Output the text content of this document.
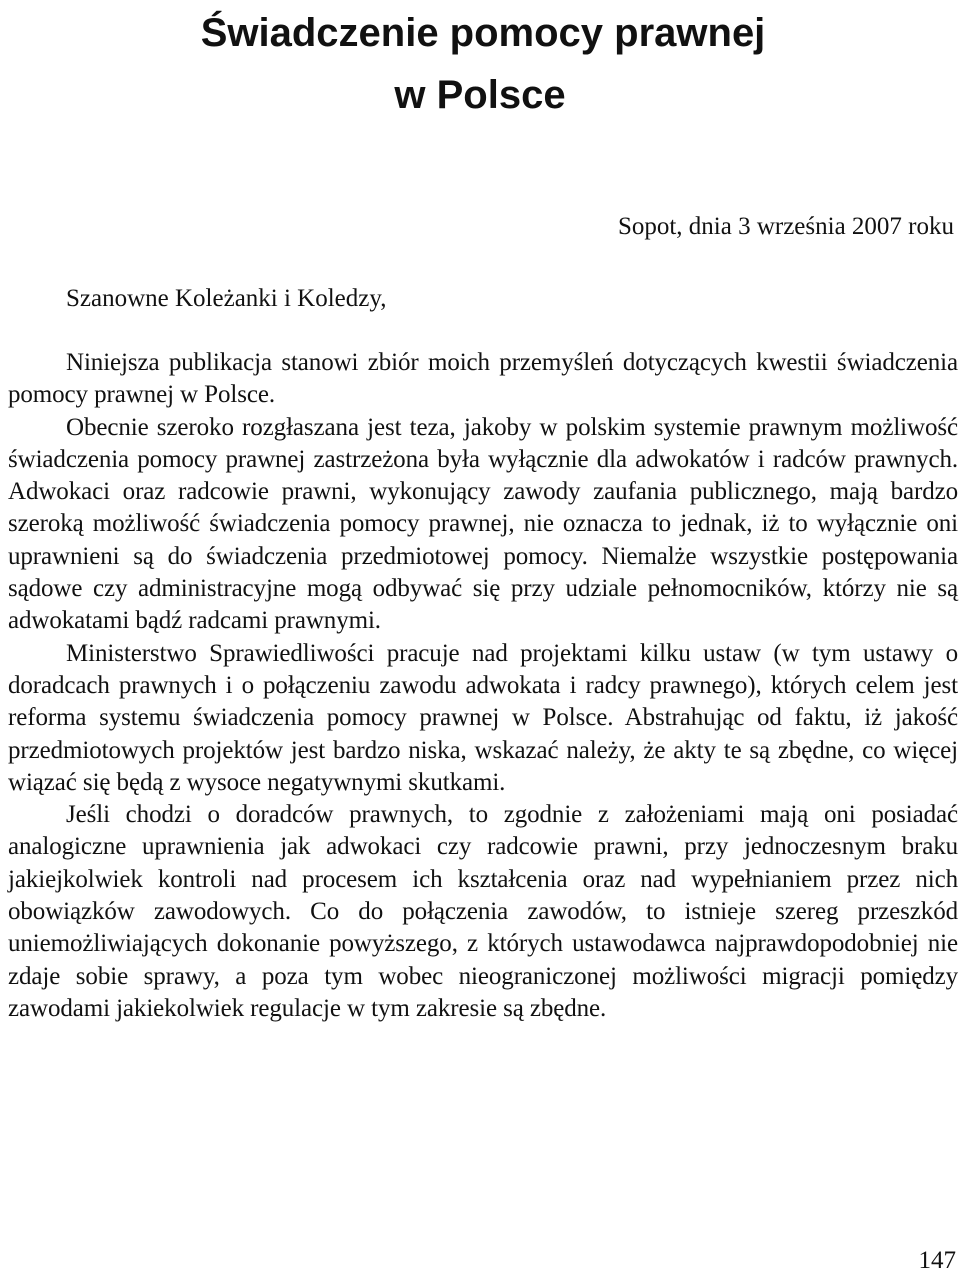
Świadczenie pomocy prawnej
w Polsce

Sopot, dnia 3 września 2007 roku

Szanowne Koleżanki i Koledzy,

Niniejsza publikacja stanowi zbiór moich przemyśleń dotyczących kwestii świadczenia pomocy prawnej w Polsce.

Obecnie szeroko rozgłaszana jest teza, jakoby w polskim systemie prawnym możliwość świadczenia pomocy prawnej zastrzeżona była wyłącznie dla adwokatów i radców prawnych. Adwokaci oraz radcowie prawni, wykonujący zawody zaufania publicznego, mają bardzo szeroką możliwość świadczenia pomocy prawnej, nie oznacza to jednak, iż to wyłącznie oni uprawnieni są do świadczenia przedmiotowej pomocy. Niemalże wszystkie postępowania sądowe czy administracyjne mogą odbywać się przy udziale pełnomocników, którzy nie są adwokatami bądź radcami prawnymi.

Ministerstwo Sprawiedliwości pracuje nad projektami kilku ustaw (w tym ustawy o doradcach prawnych i o połączeniu zawodu adwokata i radcy prawnego), których celem jest reforma systemu świadczenia pomocy prawnej w Polsce. Abstrahując od faktu, iż jakość przedmiotowych projektów jest bardzo niska, wskazać należy, że akty te są zbędne, co więcej wiązać się będą z wysoce negatywnymi skutkami.

Jeśli chodzi o doradców prawnych, to zgodnie z założeniami mają oni posiadać analogiczne uprawnienia jak adwokaci czy radcowie prawni, przy jednoczesnym braku jakiejkolwiek kontroli nad procesem ich kształcenia oraz nad wypełnianiem przez nich obowiązków zawodowych. Co do połączenia zawodów, to istnieje szereg przeszkód uniemożliwiających dokonanie powyższego, z których ustawodawca najprawdopodobniej nie zdaje sobie sprawy, a poza tym wobec nieograniczonej możliwości migracji pomiędzy zawodami jakiekolwiek regulacje w tym zakresie są zbędne.

147
